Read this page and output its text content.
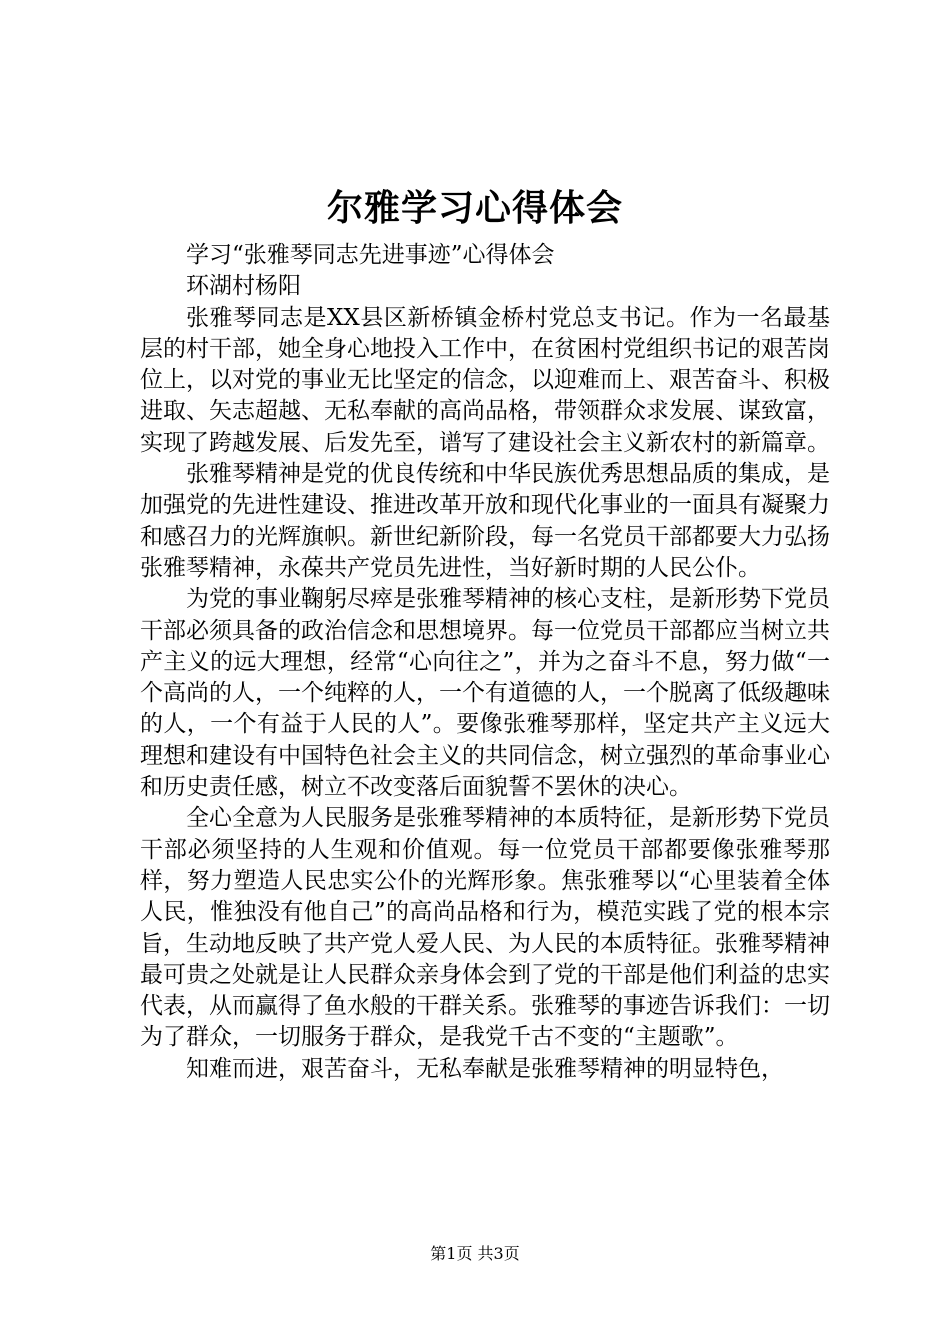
尔雅学习心得体会

学习“张雅琴同志先进事迹”心得体会

环湖村杨阳

张雅琴同志是XX县区新桥镇金桥村党总支书记。作为一名最基层的村干部，她全身心地投入工作中，在贫困村党组织书记的艰苦岗位上，以对党的事业无比坚定的信念，以迎难而上、艰苦奋斗、积极进取、矢志超越、无私奉献的高尚品格，带领群众求发展、谋致富，实现了跨越发展、后发先至，谱写了建设社会主义新农村的新篇章。

张雅琴精神是党的优良传统和中华民族优秀思想品质的集成，是加强党的先进性建设、推进改革开放和现代化事业的一面具有凝聚力和感召力的光辉旗帜。新世纪新阶段，每一名党员干部都要大力弘扬张雅琴精神，永葆共产党员先进性，当好新时期的人民公仆。

为党的事业鞠躬尽瘁是张雅琴精神的核心支柱，是新形势下党员干部必须具备的政治信念和思想境界。每一位党员干部都应当树立共产主义的远大理想，经常“心向往之”，并为之奋斗不息，努力做“一个高尚的人，一个纯粹的人，一个有道德的人，一个脱离了低级趣味的人，一个有益于人民的人”。要像张雅琴那样，坚定共产主义远大理想和建设有中国特色社会主义的共同信念，树立强烈的革命事业心和历史责任感，树立不改变落后面貌誓不罢休的决心。

全心全意为人民服务是张雅琴精神的本质特征，是新形势下党员干部必须坚持的人生观和价值观。每一位党员干部都要像张雅琴那样，努力塑造人民忠实公仆的光辉形象。焦张雅琴以“心里装着全体人民，惟独没有他自己”的高尚品格和行为，模范实践了党的根本宗旨，生动地反映了共产党人爱人民、为人民的本质特征。张雅琴精神最可贵之处就是让人民群众亲身体会到了党的干部是他们利益的忠实代表，从而赢得了鱼水般的干群关系。张雅琴的事迹告诉我们：一切为了群众，一切服务于群众，是我党千古不变的“主题歌”。

知难而进，艰苦奋斗，无私奉献是张雅琴精神的明显特色，

第1页 共3页
